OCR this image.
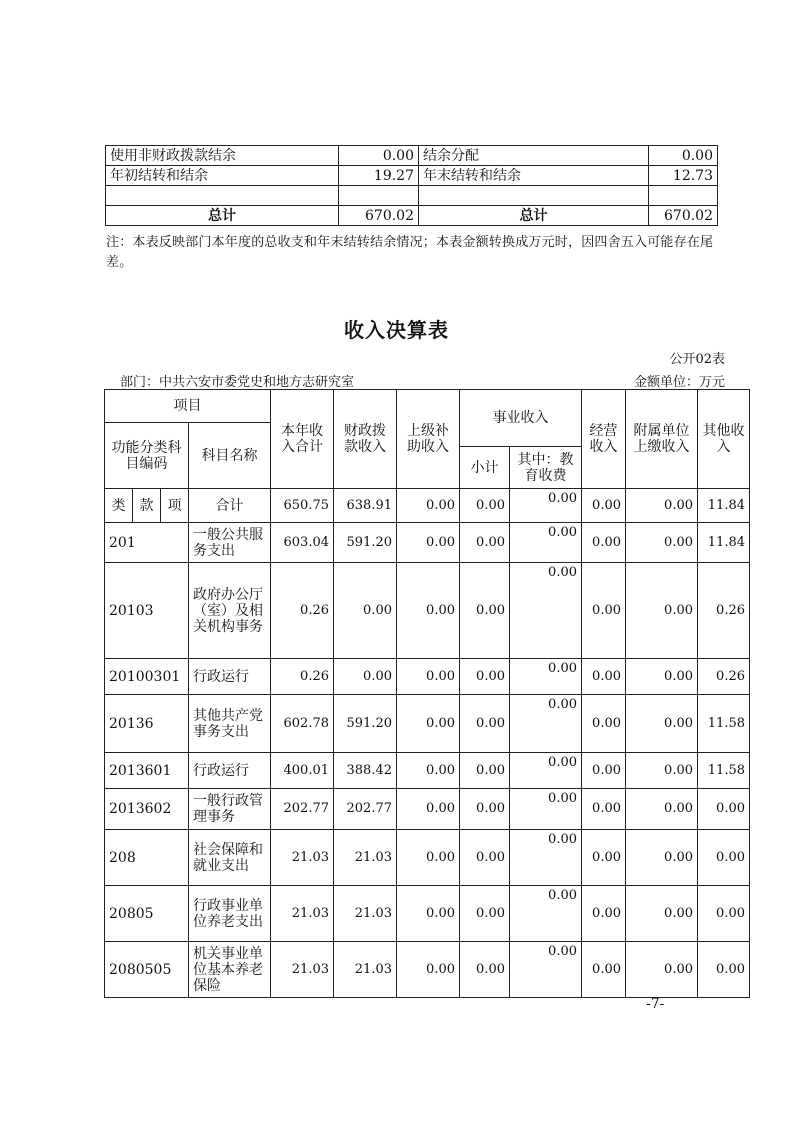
使用非财政拨款结余	0.00	结余分配	0.00
年初结转和结余	19.27	年末结转和结余	12.73

总计	670.02	总计	670.02
注：本表反映部门本年度的总收支和年末结转结余情况；本表金额转换成万元时，因四舍五入可能存在尾差。
收入决算表
公开02表
部门：中共六安市委党史和地方志研究室	金额单位：万元
项目				本年收入合计	财政拨款收入	上级补助收入	事业收入		经营收入	附属单位上缴收入	其他收入
功能分类科目编码			科目名称								
							小计	其中：教育收费			
类	款	项	合计	650.75	638.91	0.00	0.00	0.00	0.00	0.00	11.84
201			一般公共服务支出	603.04	591.20	0.00	0.00	0.00	0.00	0.00	11.84
20103			政府办公厅（室）及相关机构事务	0.26	0.00	0.00	0.00	0.00	0.00	0.00	0.26
20100301			行政运行	0.26	0.00	0.00	0.00	0.00	0.00	0.00	0.26
20136			其他共产党事务支出	602.78	591.20	0.00	0.00	0.00	0.00	0.00	11.58
2013601			行政运行	400.01	388.42	0.00	0.00	0.00	0.00	0.00	11.58
2013602			一般行政管理事务	202.77	202.77	0.00	0.00	0.00	0.00	0.00	0.00
208			社会保障和就业支出	21.03	21.03	0.00	0.00	0.00	0.00	0.00	0.00
20805			行政事业单位养老支出	21.03	21.03	0.00	0.00	0.00	0.00	0.00	0.00
2080505			机关事业单位基本养老保险	21.03	21.03	0.00	0.00	0.00	0.00	0.00	0.00
-7-
